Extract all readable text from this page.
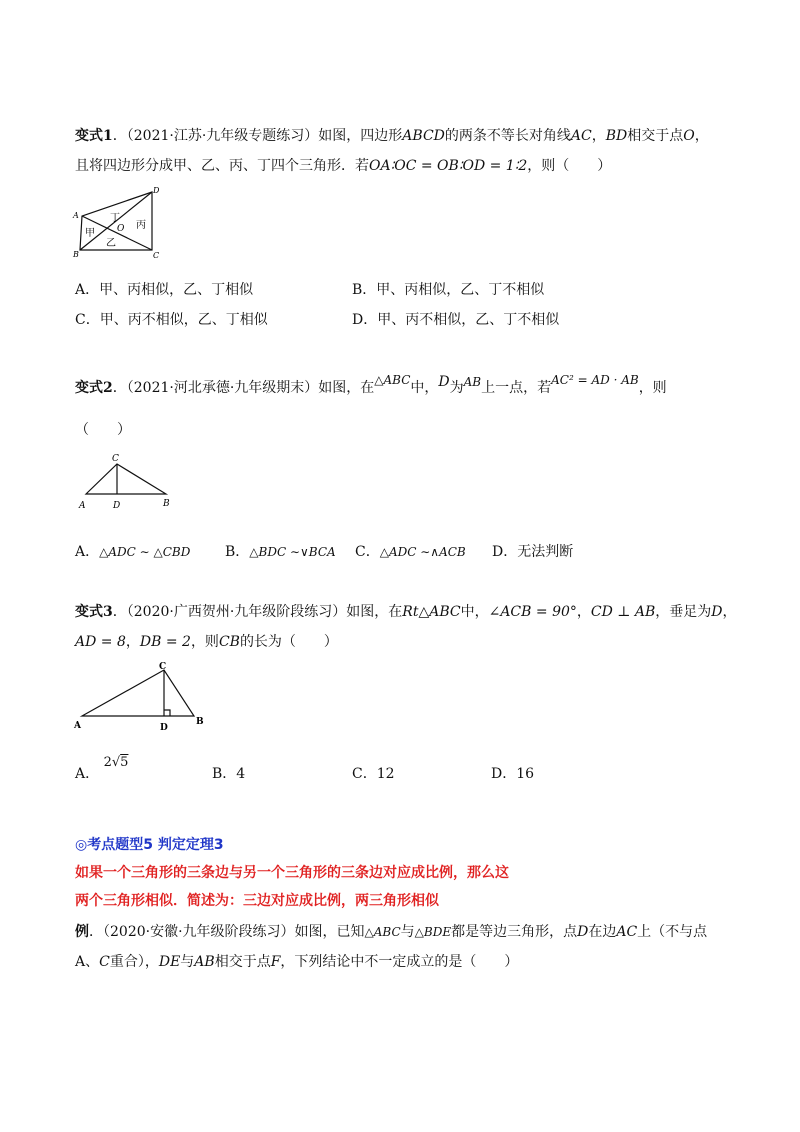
变式1．（2021·江苏·九年级专题练习）如图，四边形ABCD的两条不等长对角线AC，BD相交于点O，
且将四边形分成甲、乙、丙、丁四个三角形．若OA∶OC = OB∶OD = 1∶2，则（　　）
A
B	C
D
O
甲
乙
丙
丁
A．甲、丙相似，乙、丁相似	B．甲、丙相似，乙、丁不相似
C．甲、丙不相似，乙、丁相似	D．甲、丙不相似，乙、丁不相似
变式2．（2021·河北承德·九年级期末）如图，在△ABC中，D为AB上一点，若AC² = AD · AB，则
（　　）
C
A	D	B
A．△ADC ∼ △CBD B．△BDC ∼∨BCA C．△ADC ∼∧ACB D．无法判断
变式3．（2020·广西贺州·九年级阶段练习）如图，在Rt△ABC中，∠ACB = 90°，CD ⊥ AB，垂足为D，
AD = 8，DB = 2，则CB的长为（　　）
C
A	D
B
A． 2√5
B．4	C．12	D．16
◎考点题型5 判定定理3
如果一个三角形的三条边与另一个三角形的三条边对应成比例，那么这
两个三角形相似．简述为：三边对应成比例，两三角形相似
例．（2020·安徽·九年级阶段练习）如图，已知△ABC与△BDE都是等边三角形，点D在边AC上（不与点
A、C重合），DE与AB相交于点F，下列结论中不一定成立的是（　　）
